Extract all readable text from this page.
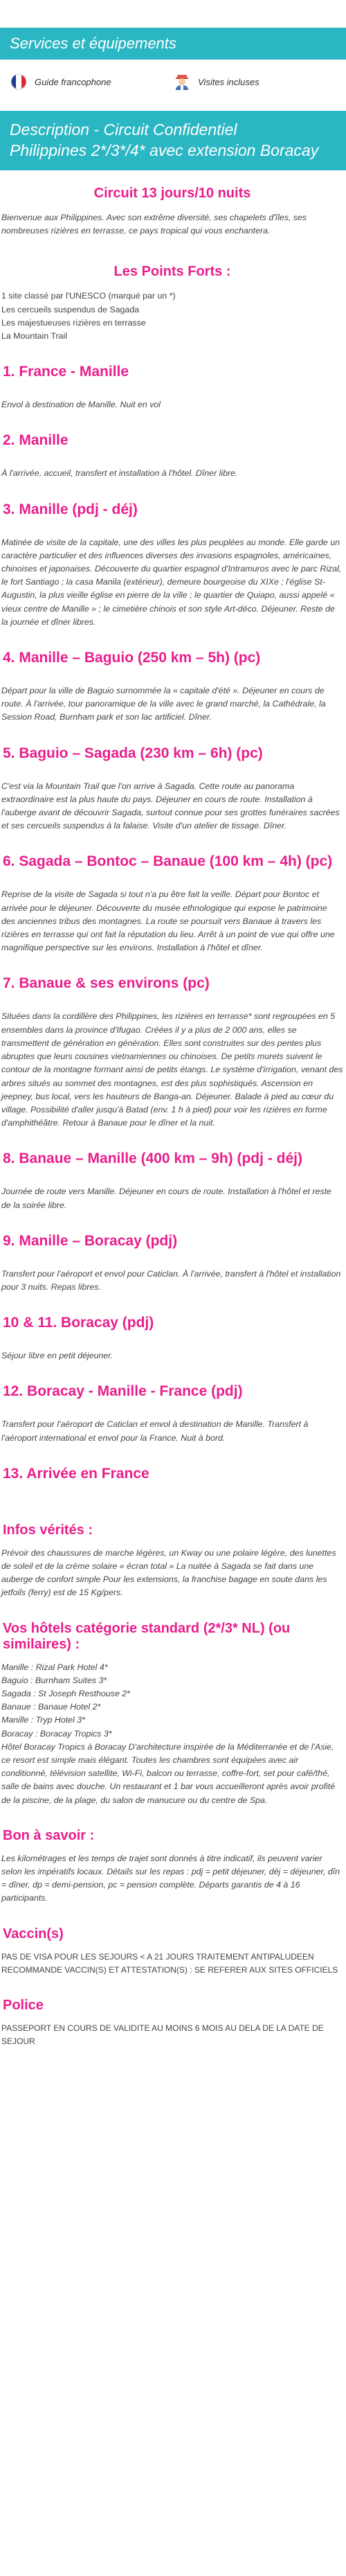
Services et équipements
Guide francophone	Visites incluses
Description - Circuit Confidentiel
Philippines 2*/3*/4* avec extension Boracay
Circuit 13 jours/10 nuits

Bienvenue aux Philippines. Avec son extrême diversité, ses chapelets d'îles, ses nombreuses rizières en terrasse, ce pays tropical qui vous enchantera.

Les Points Forts :

1 site classé par l'UNESCO (marqué par un *)

Les cercueils suspendus de Sagada

Les majestueuses rizières en terrasse

La Mountain Trail

1. France - Manille

Envol à destination de Manille. Nuit en vol

2. Manille

À l'arrivée, accueil, transfert et installation à l'hôtel. Dîner libre.

3. Manille (pdj - déj)

Matinée de visite de la capitale, une des villes les plus peuplées au monde. Elle garde un caractère particulier et des influences diverses des invasions espagnoles, américaines, chinoises et japonaises. Découverte du quartier espagnol d'Intramuros avec le parc Rizal, le fort Santiago ; la casa Manila (extérieur), demeure bourgeoise du XIXe ; l'église St-Augustin, la plus vieille église en pierre de la ville ; le quartier de Quiapo, aussi appelé « vieux centre de Manille » ; le cimetière chinois et son style Art-déco. Déjeuner. Reste de la journée et dîner libres.

4. Manille – Baguio (250 km – 5h) (pc)

Départ pour la ville de Baguio surnommée la « capitale d'été ». Déjeuner en cours de route. À l'arrivée, tour panoramique de la ville avec le grand marché, la Cathédrale, la Session Road, Burnham park et son lac artificiel. Dîner.

5. Baguio – Sagada (230 km – 6h) (pc)

C'est via la Mountain Trail que l'on arrive à Sagada. Cette route au panorama extraordinaire est la plus haute du pays. Déjeuner en cours de route. Installation à l'auberge avant de découvrir Sagada, surtout connue pour ses grottes funéraires sacrées et ses cercueils suspendus à la falaise. Visite d'un atelier de tissage. Dîner.

6. Sagada – Bontoc – Banaue (100 km – 4h) (pc)

Reprise de la visite de Sagada si tout n'a pu être fait la veille. Départ pour Bontoc et arrivée pour le déjeuner. Découverte du musée ethnologique qui expose le patrimoine des anciennes tribus des montagnes. La route se poursuit vers Banaue à travers les rizières en terrasse qui ont fait la réputation du lieu. Arrêt à un point de vue qui offre une magnifique perspective sur les environs. Installation à l'hôtel et dîner.

7. Banaue & ses environs (pc)

Situées dans la cordillère des Philippines, les rizières en terrasse* sont regroupées en 5 ensembles dans la province d'Ifugao. Créées il y a plus de 2 000 ans, elles se transmettent de génération en génération. Elles sont construites sur des pentes plus abruptes que leurs cousines vietnamiennes ou chinoises. De petits murets suivent le contour de la montagne formant ainsi de petits étangs. Le système d'irrigation, venant des arbres situés au sommet des montagnes, est des plus sophistiqués. Ascension en jeepney, bus local, vers les hauteurs de Banga-an. Déjeuner. Balade à pied au cœur du village. Possibilité d'aller jusqu'à Batad (env. 1 h à pied) pour voir les rizières en forme d'amphithéâtre. Retour à Banaue pour le dîner et la nuit.

8. Banaue – Manille (400 km – 9h) (pdj - déj)

Journée de route vers Manille. Déjeuner en cours de route. Installation à l'hôtel et reste de la soirée libre.

9. Manille – Boracay (pdj)

Transfert pour l'aéroport et envol pour Caticlan. À l'arrivée, transfert à l'hôtel et installation pour 3 nuits. Repas libres.

10 & 11. Boracay (pdj)

Séjour libre en petit déjeuner.

12. Boracay - Manille - France (pdj)

Transfert pour l'aéroport de Caticlan et envol à destination de Manille. Transfert à l'aéroport international et envol pour la France. Nuit à bord.

13. Arrivée en France
Infos vérités :

Prévoir des chaussures de marche légères, un Kway ou une polaire légère, des lunettes de soleil et de la crème solaire « écran total » La nuitée à Sagada se fait dans une auberge de confort simple Pour les extensions, la franchise bagage en soute dans les jetfoils (ferry) est de 15 Kg/pers.

Vos hôtels catégorie standard (2*/3* NL) (ou similaires) :

Manille : Rizal Park Hotel 4*

Baguio : Burnham Suites 3*

Sagada : St Joseph Resthouse 2*

Banaue : Banaue Hotel 2*

Manille : Tryp Hotel 3*

Boracay : Boracay Tropics 3*

Hôtel Boracay Tropics à Boracay D'architecture inspirée de la Méditerranée et de l'Asie, ce resort est simple mais élégant. Toutes les chambres sont équipées avec air conditionné, télévision satellite, Wi-Fi, balcon ou terrasse, coffre-fort, set pour café/thé, salle de bains avec douche. Un restaurant et 1 bar vous accueilleront après avoir profité de la piscine, de la plage, du salon de manucure ou du centre de Spa.

Bon à savoir :

Les kilométrages et les temps de trajet sont donnés à titre indicatif, ils peuvent varier selon les impératifs locaux. Détails sur les repas : pdj = petit déjeuner, déj = déjeuner, dîn = dîner, dp = demi-pension, pc = pension complète. Départs garantis de 4 à 16 participants.

Vaccin(s)

PAS DE VISA POUR LES SEJOURS < A 21 JOURS TRAITEMENT ANTIPALUDEEN RECOMMANDE VACCIN(S) ET ATTESTATION(S) : SE REFERER AUX SITES OFFICIELS

Police

PASSEPORT EN COURS DE VALIDITE AU MOINS 6 MOIS AU DELA DE LA DATE DE SEJOUR
